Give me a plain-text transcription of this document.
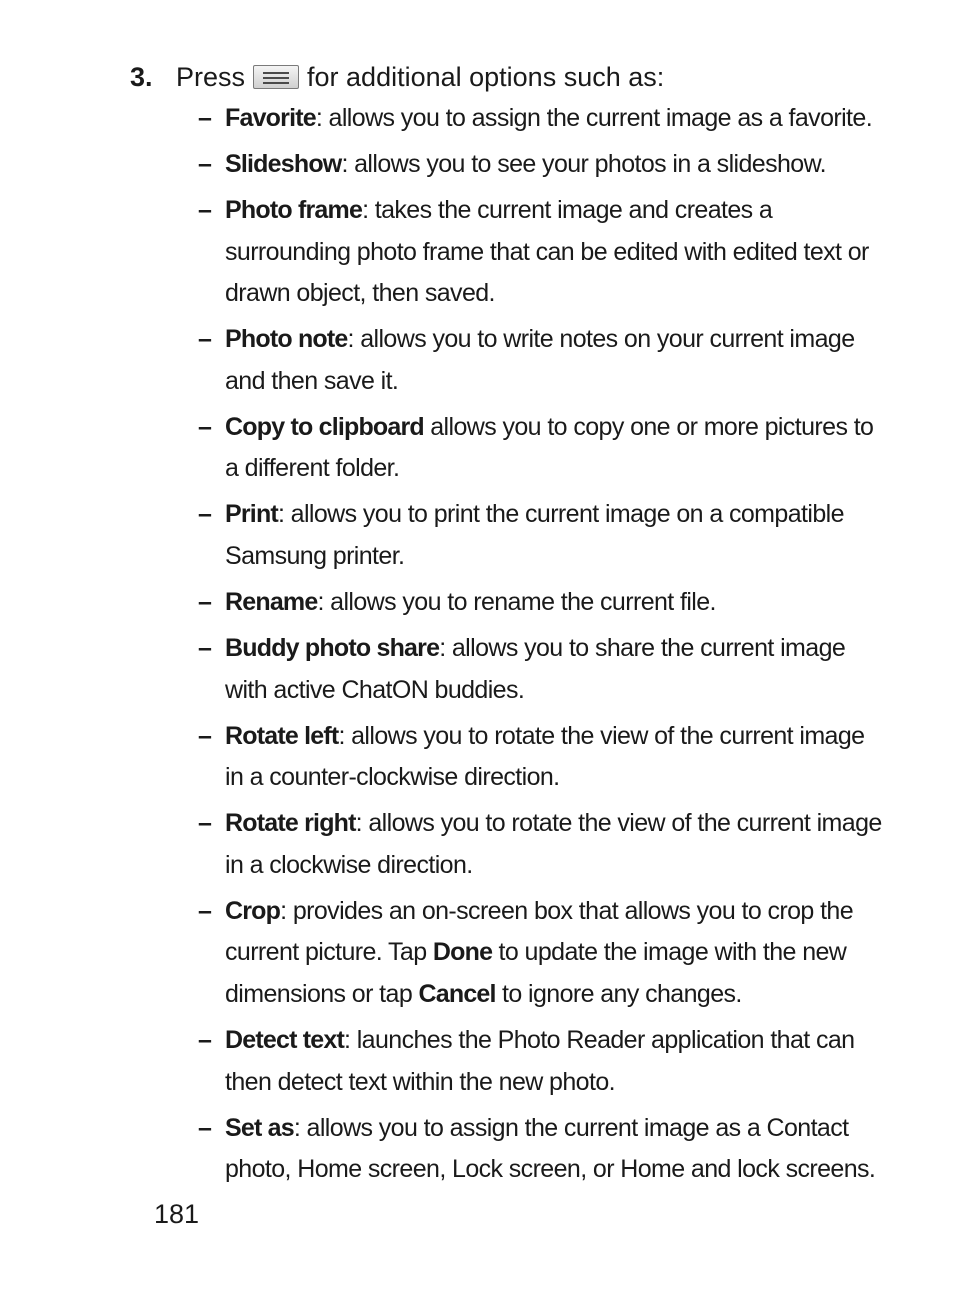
3. Press for additional options such as:
– Favorite: allows you to assign the current image as a favorite.
– Slideshow: allows you to see your photos in a slideshow.
– Photo frame: takes the current image and creates a surrounding photo frame that can be edited with edited text or drawn object, then saved.
– Photo note: allows you to write notes on your current image and then save it.
– Copy to clipboard allows you to copy one or more pictures to a different folder.
– Print: allows you to print the current image on a compatible Samsung printer.
– Rename: allows you to rename the current file.
– Buddy photo share: allows you to share the current image with active ChatON buddies.
– Rotate left: allows you to rotate the view of the current image in a counter-clockwise direction.
– Rotate right: allows you to rotate the view of the current image in a clockwise direction.
– Crop: provides an on-screen box that allows you to crop the current picture. Tap Done to update the image with the new dimensions or tap Cancel to ignore any changes.
– Detect text: launches the Photo Reader application that can then detect text within the new photo.
– Set as: allows you to assign the current image as a Contact photo, Home screen, Lock screen, or Home and lock screens.
181
